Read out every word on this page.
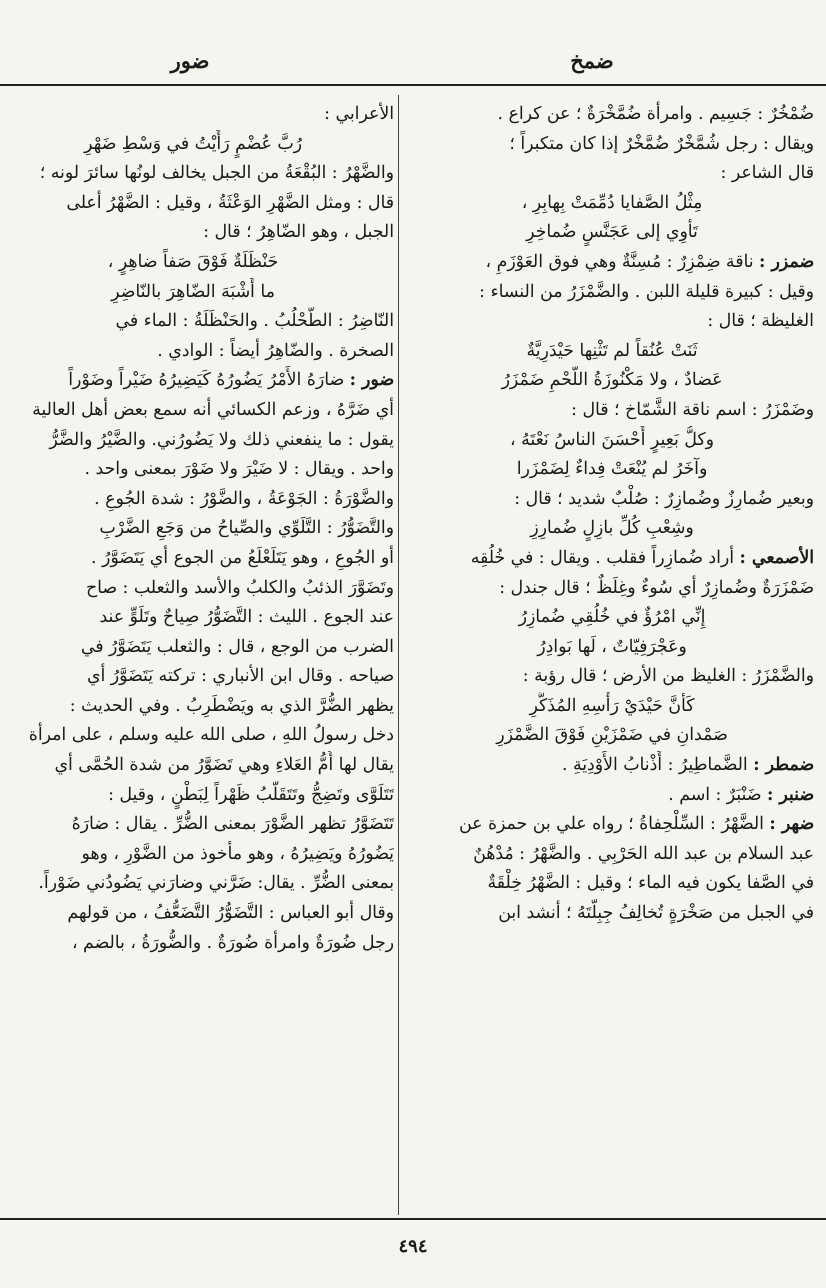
ضمخ
ضور

ضُمْخُرٌ : جَسِيم . وامرأة ضُمَّخْرَةٌ ؛ عن كراع .

ويقال : رجل شُمَّخْرٌ ضُمَّخْرٌ إذا كان متكبراً ؛

قال الشاعر :

مِثْلُ الصَّفايا دُمِّمَتْ بِهابِرِ ،

تَأْوِي إلى عَجَنَّسٍ ضُماخِرِ

ضمزر : ناقة ضِمْزِرٌ : مُسِنَّةٌ وهي فوق العَوْزَمِ ،

وقيل : كبيرة قليلة اللبن . والضَّمْزَرُ من النساء :

الغليظة ؛ قال :

ثَنَتْ عُنُقاً لم تَثْنِها حَيْدَرِيَّةٌ

عَضادٌ ، ولا مَكْنُوزَةُ اللَّحْمِ ضَمْزَرُ

وضَمْزَرُ : اسم ناقة الشَّمّاخ ؛ قال :

وكلُّ بَعِيرٍ أَحْسَنَ الناسُ نَعْتَهُ ،

وآخَرُ لم يُنْعَتْ فِداءٌ لِضَمْزَرا

وبعير ضُمارِزٌ وضُمازِرٌ : صُلْبٌ شديد ؛ قال :

وشِعْبِ كُلِّ بازِلٍ ضُمارِزِ

الأصمعي : أراد ضُمازِراً فقلب . ويقال : في خُلُقِه

ضَمْزَرَةٌ وضُمازِرٌ أي سُوءٌ وغِلَظٌ ؛ قال جندل :

إِنِّي امْرُؤٌ في خُلُقِي ضُمازِرُ

وعَجْرَفِيّاتٌ ، لَها بَوادِرُ

والضَّمْزَرُ : الغليظ من الأرض ؛ قال رؤبة :

كَأَنَّ حَيْدَيْ رَأْسِهِ المُذَكَّرِ

صَمْدانِ في ضَمْزَيْنِ فَوْقَ الضَّمْزَرِ

ضمطر : الضَّماطِيرُ : أَذْنابُ الأَوْدِيَةِ .

ضنبر : ضَنْبَرٌ : اسم .

ضهر : الضَّهْرُ : السِّلْحِفاةُ ؛ رواه علي بن حمزة عن

عبد السلام بن عبد الله الحَرْبِي . والضَّهْرُ : مُدْهُنٌ

في الصَّفا يكون فيه الماء ؛ وقيل : الضَّهْرُ خِلْقَةٌ

في الجبل من صَخْرَةٍ تُخالِفُ جِبِلَّتَهُ ؛ أنشد ابن

الأعرابي :

رُبَّ عُضْمٍ رَأَيْتُ في وَسْطِ ضَهْرِ

والضَّهْرُ : البُقْعَةُ من الجبل يخالف لونُها سائرَ لونه ؛

قال : ومثل الضَّهْرِ الوَعْثَةُ ، وقيل : الضَّهْرُ أعلى

الجبل ، وهو الضّاهِرُ ؛ قال :

حَنْظَلَةٌ فَوْقَ صَفاً ضاهِرٍ ،

ما أَشْبَهَ الضّاهِرَ بالنّاضِرِ

النّاضِرُ : الطُّحْلُبُ . والحَنْظَلَةُ : الماء في

الصخرة . والضّاهِرُ أيضاً : الوادي .

ضور : ضارَهُ الأَمْرُ يَضُورُهُ كَيَضِيرُهُ ضَيْراً وضَوْراً

أي ضَرَّهُ ، وزعم الكسائي أنه سمع بعض أهل العالية

يقول : ما ينفعني ذلك ولا يَضُورُني. والضَّيْرُ والضَّرُّ

واحد . ويقال : لا ضَيْرَ ولا ضَوْرَ بمعنى واحد .

والضَّوْرَةُ : الجَوْعَةُ ، والضَّوْرُ : شدة الجُوعِ .

والتَّضَوُّرُ : التَّلَوِّي والصِّياحُ من وَجَعِ الضَّرْبِ

أو الجُوعِ ، وهو يَتَلَعْلَعُ من الجوع أي يَتَضَوَّرُ .

وتَضَوَّرَ الذئبُ والكلبُ والأسد والثعلب : صاح

عند الجوع . الليث : التَّضَوُّرُ صِياحٌ وتَلَوٍّ عند

الضرب من الوجع ، قال : والثعلب يَتَضَوَّرُ في

صياحه . وقال ابن الأنباري : تركته يَتَضَوَّرُ أي

يظهر الضُّرَّ الذي به ويَضْطَرِبُ . وفي الحديث :

دخل رسولُ اللهِ ، صلى الله عليه وسلم ، على امرأة

يقال لها أُمُّ العَلاءِ وهي تَضَوَّرُ من شدة الحُمَّى أي

تَتَلَوَّى وتَضِجُّ وتَتَقَلَّبُ ظَهْراً لِبَطْنٍ ، وقيل :

تَتَضَوَّرُ تظهر الضَّوْرَ بمعنى الضُّرِّ . يقال : ضارَهُ

يَضُورُهُ ويَضِيرُهُ ، وهو مأخوذ من الضَّوْرِ ، وهو

بمعنى الضُّرِّ . يقال: ضَرَّني وضارَني يَضُودُني ضَوْراً.

وقال أبو العباس : التَّضَوُّرُ التَّضَعُّفُ ، من قولهم

رجل ضُورَةٌ وامرأة ضُورَةٌ . والضُّورَةُ ، بالضم ،

٤٩٤
